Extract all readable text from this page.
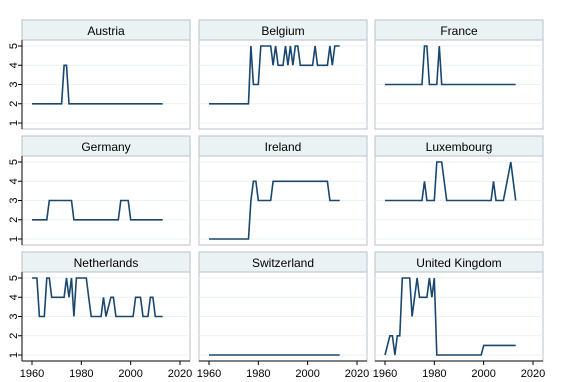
Austria
1
2
3
4
5
Belgium	France
Germany
1
2
3
4
5
Ireland	Luxembourg
Netherlands
1
2
3
4
5
1960 1980 2000 2020
Switzerland
1960 1980 2000 2020
United Kingdom
1960 1980 2000 2020
